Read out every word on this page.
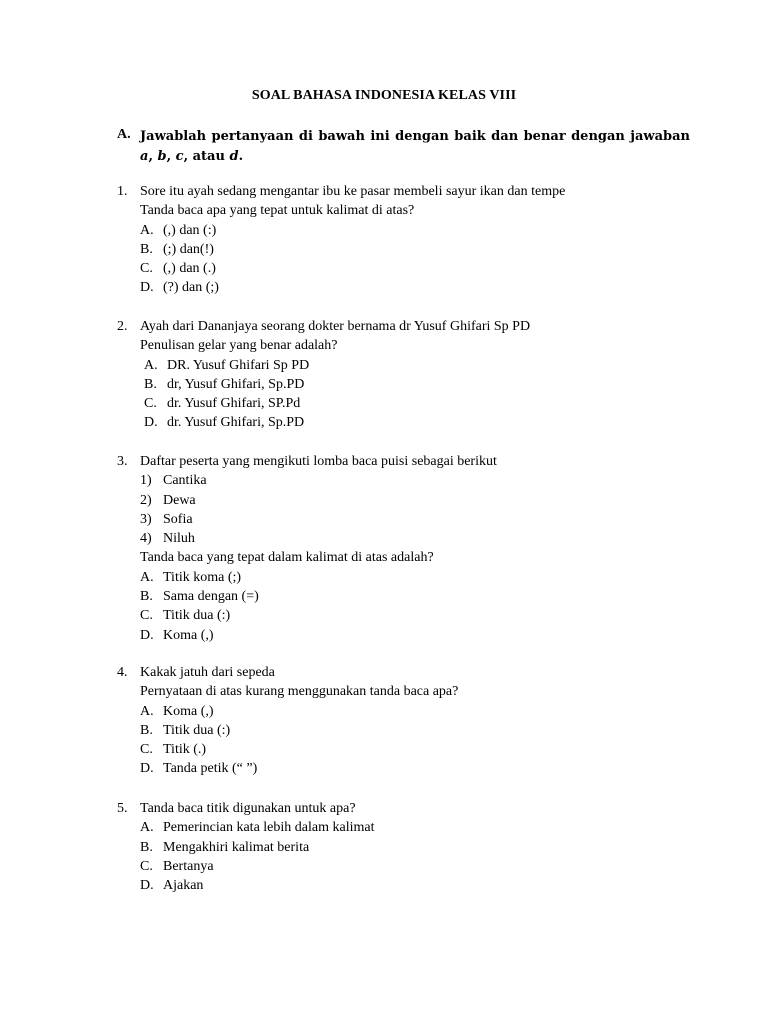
SOAL BAHASA INDONESIA KELAS VIII
A. Jawablah pertanyaan di bawah ini dengan baik dan benar dengan jawaban a, b, c, atau d.
1. Sore itu ayah sedang mengantar ibu ke pasar membeli sayur ikan dan tempe
Tanda baca apa yang tepat untuk kalimat di atas?
A. (,) dan (:)
B. (;) dan(!)
C. (,) dan (.)
D. (?) dan (;)
2. Ayah dari Dananjaya seorang dokter bernama dr Yusuf Ghifari Sp PD
Penulisan gelar yang benar adalah?
A. DR. Yusuf Ghifari Sp PD
B. dr, Yusuf Ghifari, Sp.PD
C. dr. Yusuf Ghifari, SP.Pd
D. dr. Yusuf Ghifari, Sp.PD
3. Daftar peserta yang mengikuti lomba baca puisi sebagai berikut
1) Cantika
2) Dewa
3) Sofia
4) Niluh
Tanda baca yang tepat dalam kalimat di atas adalah?
A. Titik koma (;)
B. Sama dengan (=)
C. Titik dua (:)
D. Koma (,)
4. Kakak jatuh dari sepeda
Pernyataan di atas kurang menggunakan tanda baca apa?
A. Koma (,)
B. Titik dua (:)
C. Titik (.)
D. Tanda petik (“ ”)
5. Tanda baca titik digunakan untuk apa?
A. Pemerincian kata lebih dalam kalimat
B. Mengakhiri kalimat berita
C. Bertanya
D. Ajakan
